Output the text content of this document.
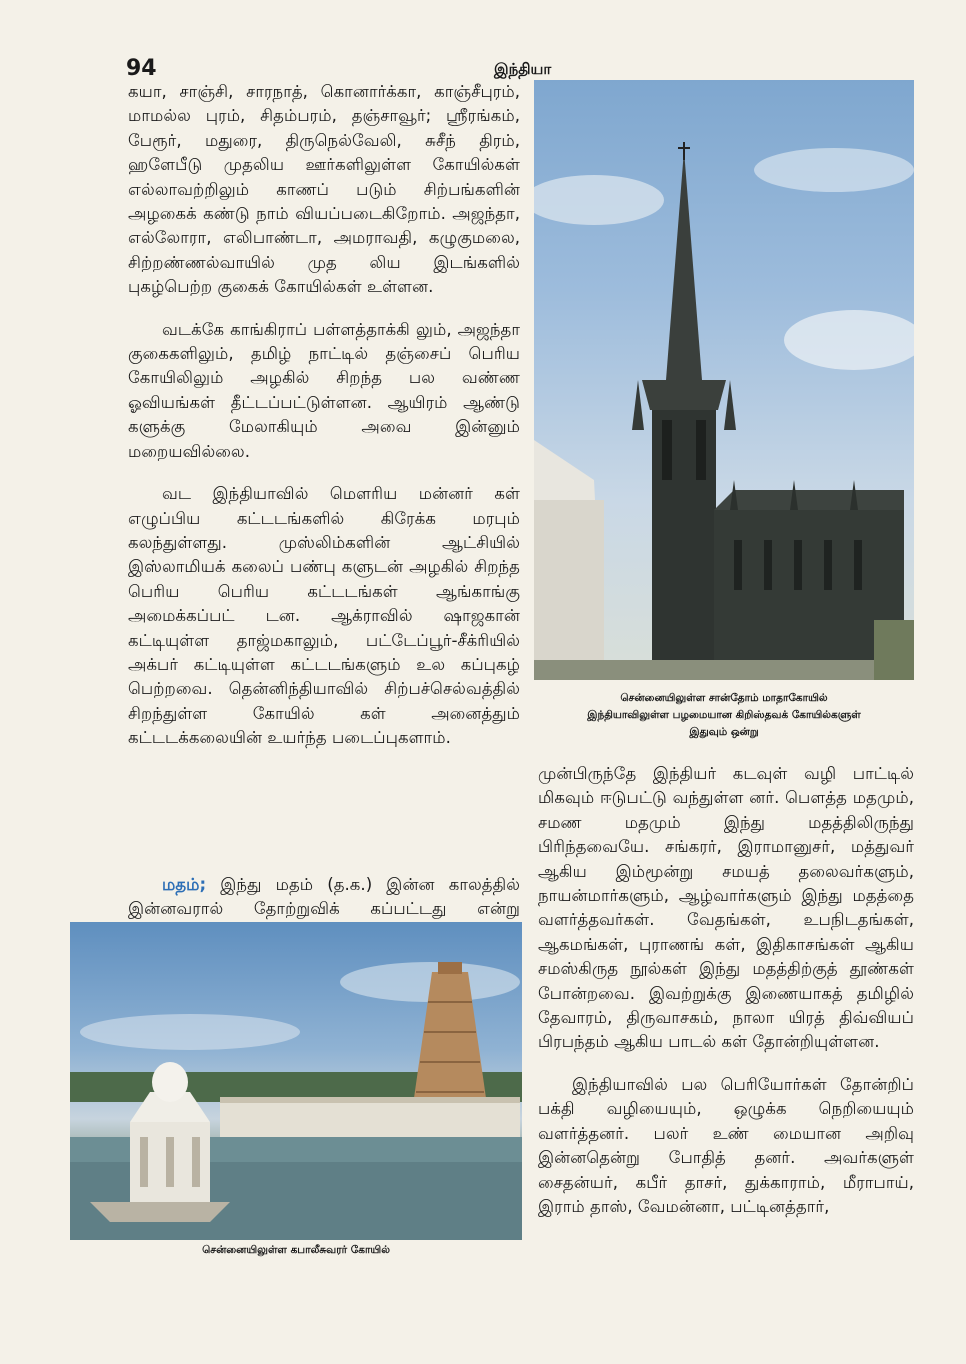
94	இந்தியா

கயா, சாஞ்சி, சாரநாத், கொனார்க்கா, காஞ்சீபுரம், மாமல்ல புரம், சிதம்பரம், தஞ்சாவூர்; ஸ்ரீரங்கம், பேரூர், மதுரை, திருநெல்வேலி, சுசீந் திரம், ஹளேபீடு முதலிய ஊர்களிலுள்ள கோயில்கள் எல்லாவற்றிலும் காணப் படும் சிற்பங்களின் அழகைக் கண்டு நாம் வியப்படைகிறோம். அஜந்தா, எல்லோரா, எலிபாண்டா, அமராவதி, கழுகுமலை, சிற்றண்ணல்வாயில் முத லிய இடங்களில் புகழ்பெற்ற குகைக் கோயில்கள் உள்ளன.

வடக்கே காங்கிராப் பள்ளத்தாக்கி லும், அஜந்தா குகைகளிலும், தமிழ் நாட்டில் தஞ்சைப் பெரிய கோயிலிலும் அழகில் சிறந்த பல வண்ண ஓவியங்கள் தீட்டப்பட்டுள்ளன. ஆயிரம் ஆண்டு களுக்கு மேலாகியும் அவை இன்னும் மறையவில்லை.

வட இந்தியாவில் மௌரிய மன்னர் கள் எழுப்பிய கட்டடங்களில் கிரேக்க மரபும் கலந்துள்ளது. முஸ்லிம்களின் ஆட்சியில் இஸ்லாமியக் கலைப் பண்பு களுடன் அழகில் சிறந்த பெரிய பெரிய கட்டடங்கள் ஆங்காங்கு அமைக்கப்பட் டன. ஆக்ராவில் ஷாஜகான் கட்டியுள்ள தாஜ்மகாலும், பட்டேப்பூர்-சீக்ரியில் அக்பர் கட்டியுள்ள கட்டடங்களும் உல கப்புகழ் பெற்றவை. தென்னிந்தியாவில் சிற்பச்செல்வத்தில் சிறந்துள்ள கோயில் கள் அனைத்தும் கட்டடக்கலையின் உயர்ந்த படைப்புகளாம்.

மதம்; இந்து மதம் (த.க.) இன்ன காலத்தில் இன்னவரால் தோற்றுவிக் கப்பட்டது என்று

சென்னையிலுள்ள சான்தோம் மாதாகோயில்
இந்தியாவிலுள்ள பழமையான கிறிஸ்தவக் கோயில்களுள்
இதுவும் ஒன்று

முன்பிருந்தே இந்தியர் கடவுள் வழி பாட்டில் மிகவும் ஈடுபட்டு வந்துள்ள னர். பௌத்த மதமும், சமண மதமும் இந்து மதத்திலிருந்து பிரிந்தவையே. சங்கரர், இராமானுசர், மத்துவர் ஆகிய இம்மூன்று சமயத் தலைவர்களும், நாயன்மார்களும், ஆழ்வார்களும் இந்து மதத்தை வளர்த்தவர்கள். வேதங்கள், உபநிடதங்கள், ஆகமங்கள், புராணங் கள், இதிகாசங்கள் ஆகிய சமஸ்கிருத நூல்கள் இந்து மதத்திற்குத் தூண்கள் போன்றவை. இவற்றுக்கு இணையாகத் தமிழில் தேவாரம், திருவாசகம், நாலா யிரத் திவ்வியப் பிரபந்தம் ஆகிய பாடல் கள் தோன்றியுள்ளன.

இந்தியாவில் பல பெரியோர்கள் தோன்றிப் பக்தி வழியையும், ஒழுக்க நெறியையும் வளர்த்தனர். பலர் உண் மையான அறிவு இன்னதென்று போதித் தனர். அவர்களுள் சைதன்யர், கபீர் தாசர், துக்காராம், மீராபாய், இராம் தாஸ், வேமன்னா, பட்டினத்தார்,

சென்னையிலுள்ள கபாலீசுவரர் கோயில்
